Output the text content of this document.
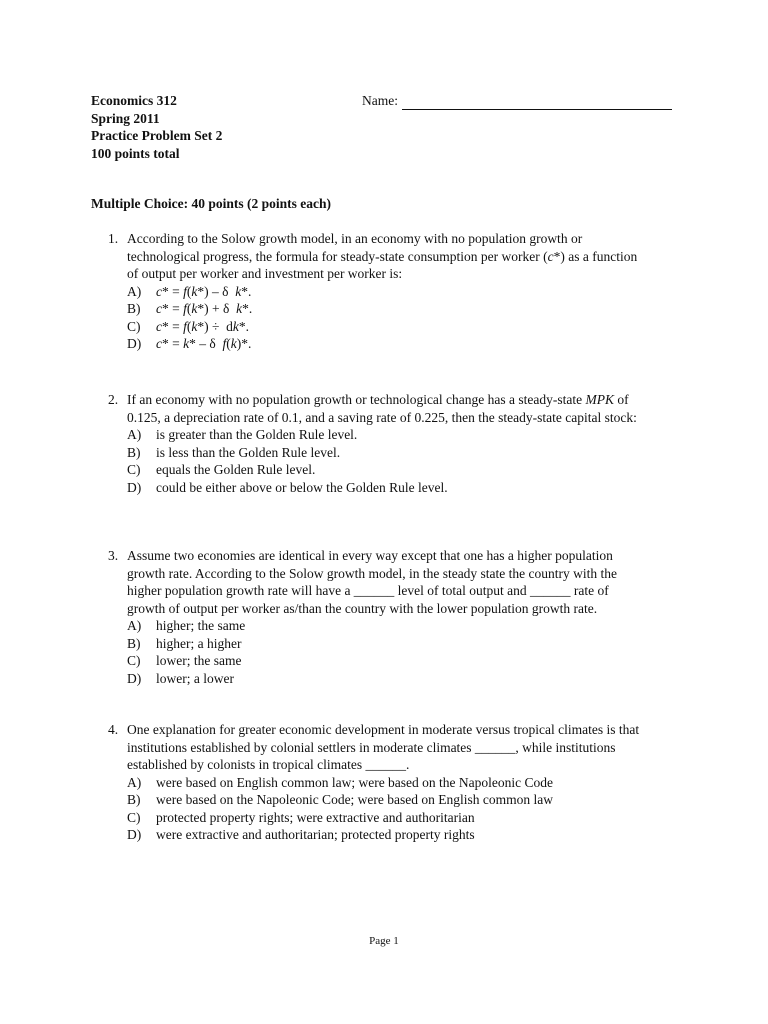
Economics 312
Spring 2011
Practice Problem Set 2
100 points total
Name:
Multiple Choice: 40 points (2 points each)
1. According to the Solow growth model, in an economy with no population growth or technological progress, the formula for steady-state consumption per worker (c*) as a function of output per worker and investment per worker is:
A)	c* = f(k*) – δ  k*.
B)	c* = f(k*) + δ  k*.
C)	c* = f(k*) ÷  dk*.
D)	c* = k* – δ  f(k)*.
2. If an economy with no population growth or technological change has a steady-state MPK of 0.125, a depreciation rate of 0.1, and a saving rate of 0.225, then the steady-state capital stock:
A)	is greater than the Golden Rule level.
B)	is less than the Golden Rule level.
C)	equals the Golden Rule level.
D)	could be either above or below the Golden Rule level.
3. Assume two economies are identical in every way except that one has a higher population growth rate. According to the Solow growth model, in the steady state the country with the higher population growth rate will have a ______ level of total output and ______ rate of growth of output per worker as/than the country with the lower population growth rate.
A)	higher; the same
B)	higher; a higher
C)	lower; the same
D)	lower; a lower
4. One explanation for greater economic development in moderate versus tropical climates is that institutions established by colonial settlers in moderate climates ______, while institutions established by colonists in tropical climates ______.
A)	were based on English common law; were based on the Napoleonic Code
B)	were based on the Napoleonic Code; were based on English common law
C)	protected property rights; were extractive and authoritarian
D)	were extractive and authoritarian; protected property rights
Page 1
